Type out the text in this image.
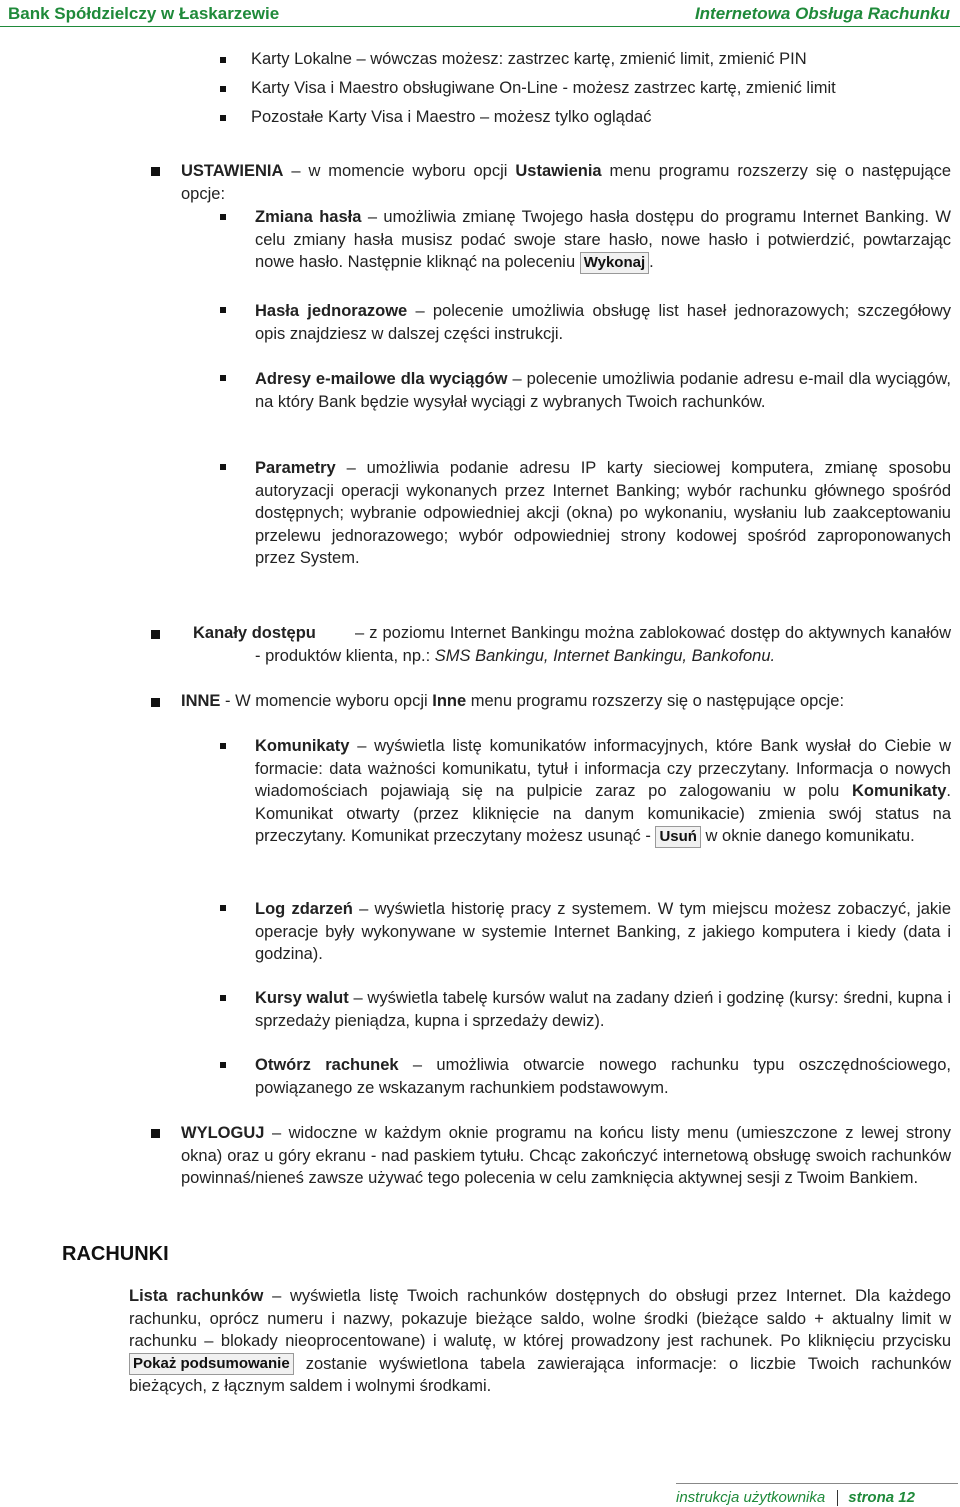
Bank Spółdzielczy w Łaskarzewie	Internetowa Obsługa Rachunku
Karty Lokalne – wówczas możesz: zastrzec kartę, zmienić limit, zmienić PIN
Karty Visa i Maestro obsługiwane On-Line - możesz zastrzec kartę, zmienić limit
Pozostałe Karty Visa i Maestro – możesz tylko oglądać
USTAWIENIA – w momencie wyboru opcji Ustawienia menu programu rozszerzy się o następujące opcje:
Zmiana hasła – umożliwia zmianę Twojego hasła dostępu do programu Internet Banking. W celu zmiany hasła musisz podać swoje stare hasło, nowe hasło i potwierdzić, powtarzając nowe hasło. Następnie kliknąć na poleceniu Wykonaj .
Hasła jednorazowe – polecenie umożliwia obsługę list haseł jednorazowych; szczegółowy opis znajdziesz w dalszej części instrukcji.
Adresy e-mailowe dla wyciągów – polecenie umożliwia podanie adresu e-mail dla wyciągów, na który Bank będzie wysyłał wyciągi z wybranych Twoich rachunków.
Parametry – umożliwia podanie adresu IP karty sieciowej komputera, zmianę sposobu autoryzacji operacji wykonanych przez Internet Banking; wybór rachunku głównego spośród dostępnych; wybranie odpowiedniej akcji (okna) po wykonaniu, wysłaniu lub zaakceptowaniu przelewu jednorazowego; wybór odpowiedniej strony kodowej spośród zaproponowanych przez System.
Kanały dostępu	– z poziomu Internet Bankingu można zablokować dostęp do aktywnych kanałów - produktów klienta, np.: SMS Bankingu, Internet Bankingu, Bankofonu.
INNE - W momencie wyboru opcji Inne menu programu rozszerzy się o następujące opcje:
Komunikaty – wyświetla listę komunikatów informacyjnych, które Bank wysłał do Ciebie w formacie: data ważności komunikatu, tytuł i informacja czy przeczytany. Informacja o nowych wiadomościach pojawiają się na pulpicie zaraz po zalogowaniu w polu Komunikaty. Komunikat otwarty (przez kliknięcie na danym komunikacie) zmienia swój status na przeczytany. Komunikat przeczytany możesz usunąć - Usuń w oknie danego komunikatu.
Log zdarzeń – wyświetla historię pracy z systemem. W tym miejscu możesz zobaczyć, jakie operacje były wykonywane w systemie Internet Banking, z jakiego komputera i kiedy (data i godzina).
Kursy walut – wyświetla tabelę kursów walut na zadany dzień i godzinę (kursy: średni, kupna i sprzedaży pieniądza, kupna i sprzedaży dewiz).
Otwórz rachunek – umożliwia otwarcie nowego rachunku typu oszczędnościowego, powiązanego ze wskazanym rachunkiem podstawowym.
WYLOGUJ – widoczne w każdym oknie programu na końcu listy menu (umieszczone z lewej strony okna) oraz u góry ekranu - nad paskiem tytułu. Chcąc zakończyć internetową obsługę swoich rachunków powinnaś/nieneś zawsze używać tego polecenia w celu zamknięcia aktywnej sesji z Twoim Bankiem.
RACHUNKI
Lista rachunków – wyświetla listę Twoich rachunków dostępnych do obsługi przez Internet. Dla każdego rachunku, oprócz numeru i nazwy, pokazuje bieżące saldo, wolne środki (bieżące saldo + aktualny limit w rachunku – blokady nieoprocentowane) i walutę, w której prowadzony jest rachunek. Po kliknięciu przycisku Pokaż podsumowanie zostanie wyświetlona tabela zawierająca informacje: o liczbie Twoich rachunków bieżących, z łącznym saldem i wolnymi środkami.
instrukcja użytkownika strona 12
